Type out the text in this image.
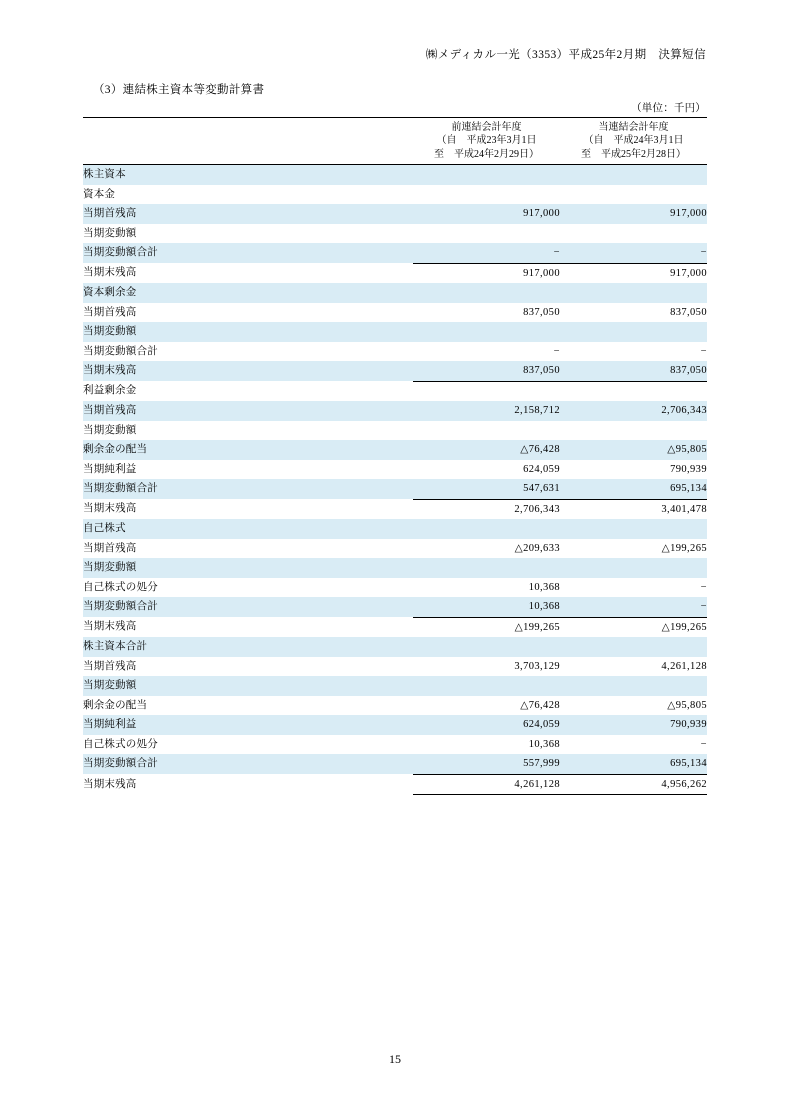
㈱メディカル一光（3353）平成25年2月期　決算短信
（3）連結株主資本等変動計算書
（単位：千円）

	前連結会計年度
（自　平成23年3月1日
至　平成24年2月29日）	当連結会計年度
（自　平成24年3月1日
至　平成25年2月28日）

株主資本		
資本金		
当期首残高	917,000	917,000
当期変動額		
当期変動額合計	−	−
当期末残高	917,000	917,000
資本剰余金		
当期首残高	837,050	837,050
当期変動額		
当期変動額合計	−	−
当期末残高	837,050	837,050
利益剰余金		
当期首残高	2,158,712	2,706,343
当期変動額		
剰余金の配当	△76,428	△95,805
当期純利益	624,059	790,939
当期変動額合計	547,631	695,134
当期末残高	2,706,343	3,401,478
自己株式		
当期首残高	△209,633	△199,265
当期変動額		
自己株式の処分	10,368	−
当期変動額合計	10,368	−
当期末残高	△199,265	△199,265
株主資本合計		
当期首残高	3,703,129	4,261,128
当期変動額		
剰余金の配当	△76,428	△95,805
当期純利益	624,059	790,939
自己株式の処分	10,368	−
当期変動額合計	557,999	695,134
当期末残高	4,261,128	4,956,262
15
